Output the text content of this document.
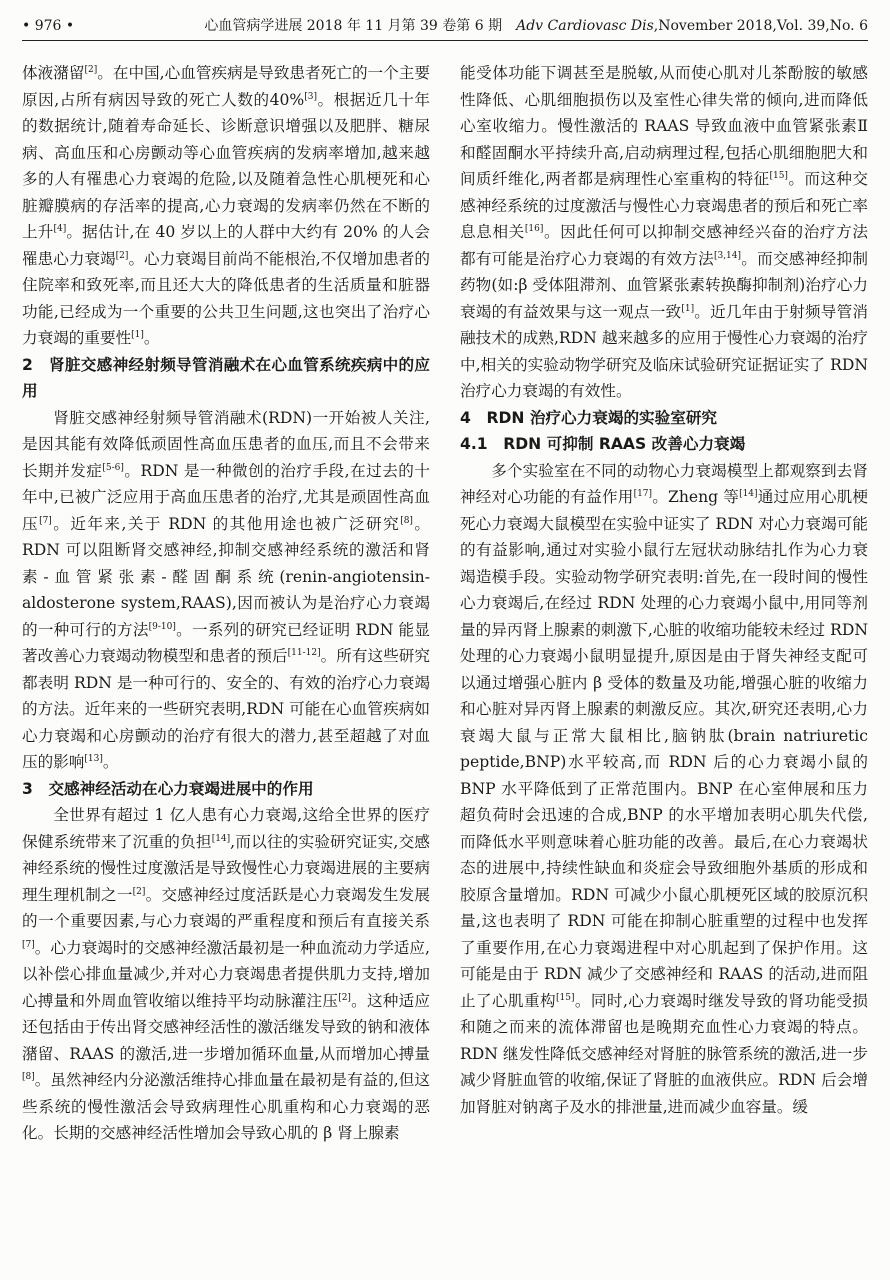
• 976 •	心血管病学进展 2018 年 11 月第 39 卷第 6 期　 Adv Cardiovasc Dis,November 2018,Vol. 39,No. 6

体液潴留[2]。在中国,心血管疾病是导致患者死亡的一个主要原因,占所有病因导致的死亡人数的40%[3]。根据近几十年的数据统计,随着寿命延长、诊断意识增强以及肥胖、糖尿病、高血压和心房颤动等心血管疾病的发病率增加,越来越多的人有罹患心力衰竭的危险,以及随着急性心肌梗死和心脏瓣膜病的存活率的提高,心力衰竭的发病率仍然在不断的上升[4]。据估计,在 40 岁以上的人群中大约有 20% 的人会罹患心力衰竭[2]。心力衰竭目前尚不能根治,不仅增加患者的住院率和致死率,而且还大大的降低患者的生活质量和脏器功能,已经成为一个重要的公共卫生问题,这也突出了治疗心力衰竭的重要性[1]。

2　肾脏交感神经射频导管消融术在心血管系统疾病中的应用

肾脏交感神经射频导管消融术(RDN)一开始被人关注,是因其能有效降低顽固性高血压患者的血压,而且不会带来长期并发症[5-6]。RDN 是一种微创的治疗手段,在过去的十年中,已被广泛应用于高血压患者的治疗,尤其是顽固性高血压[7]。近年来,关于 RDN 的其他用途也被广泛研究[8]。RDN 可以阻断肾交感神经,抑制交感神经系统的激活和肾素-血管紧张素-醛固酮系统(renin-angiotensin-aldosterone system,RAAS),因而被认为是治疗心力衰竭的一种可行的方法[9-10]。一系列的研究已经证明 RDN 能显著改善心力衰竭动物模型和患者的预后[11-12]。所有这些研究都表明 RDN 是一种可行的、安全的、有效的治疗心力衰竭的方法。近年来的一些研究表明,RDN 可能在心血管疾病如心力衰竭和心房颤动的治疗有很大的潜力,甚至超越了对血压的影响[13]。

3　交感神经活动在心力衰竭进展中的作用

全世界有超过 1 亿人患有心力衰竭,这给全世界的医疗保健系统带来了沉重的负担[14],而以往的实验研究证实,交感神经系统的慢性过度激活是导致慢性心力衰竭进展的主要病理生理机制之一[2]。交感神经过度活跃是心力衰竭发生发展的一个重要因素,与心力衰竭的严重程度和预后有直接关系[7]。心力衰竭时的交感神经激活最初是一种血流动力学适应,以补偿心排血量减少,并对心力衰竭患者提供肌力支持,增加心搏量和外周血管收缩以维持平均动脉灌注压[2]。这种适应还包括由于传出肾交感神经活性的激活继发导致的钠和液体潴留、RAAS 的激活,进一步增加循环血量,从而增加心搏量[8]。虽然神经内分泌激活维持心排血量在最初是有益的,但这些系统的慢性激活会导致病理性心肌重构和心力衰竭的恶化。长期的交感神经活性增加会导致心肌的 β 肾上腺素

能受体功能下调甚至是脱敏,从而使心肌对儿茶酚胺的敏感性降低、心肌细胞损伤以及室性心律失常的倾向,进而降低心室收缩力。慢性激活的 RAAS 导致血液中血管紧张素Ⅱ和醛固酮水平持续升高,启动病理过程,包括心肌细胞肥大和间质纤维化,两者都是病理性心室重构的特征[15]。而这种交感神经系统的过度激活与慢性心力衰竭患者的预后和死亡率息息相关[16]。因此任何可以抑制交感神经兴奋的治疗方法都有可能是治疗心力衰竭的有效方法[3,14]。而交感神经抑制药物(如:β 受体阻滞剂、血管紧张素转换酶抑制剂)治疗心力衰竭的有益效果与这一观点一致[1]。近几年由于射频导管消融技术的成熟,RDN 越来越多的应用于慢性心力衰竭的治疗中,相关的实验动物学研究及临床试验研究证据证实了 RDN 治疗心力衰竭的有效性。

4　RDN 治疗心力衰竭的实验室研究
4.1　RDN 可抑制 RAAS 改善心力衰竭

多个实验室在不同的动物心力衰竭模型上都观察到去肾神经对心功能的有益作用[17]。Zheng 等[14]通过应用心肌梗死心力衰竭大鼠模型在实验中证实了 RDN 对心力衰竭可能的有益影响,通过对实验小鼠行左冠状动脉结扎作为心力衰竭造模手段。实验动物学研究表明:首先,在一段时间的慢性心力衰竭后,在经过 RDN 处理的心力衰竭小鼠中,用同等剂量的异丙肾上腺素的刺激下,心脏的收缩功能较未经过 RDN 处理的心力衰竭小鼠明显提升,原因是由于肾失神经支配可以通过增强心脏内 β 受体的数量及功能,增强心脏的收缩力和心脏对异丙肾上腺素的刺激反应。其次,研究还表明,心力衰竭大鼠与正常大鼠相比,脑钠肽(brain natriuretic peptide,BNP)水平较高,而 RDN 后的心力衰竭小鼠的 BNP 水平降低到了正常范围内。BNP 在心室伸展和压力超负荷时会迅速的合成,BNP 的水平增加表明心肌失代偿,而降低水平则意味着心脏功能的改善。最后,在心力衰竭状态的进展中,持续性缺血和炎症会导致细胞外基质的形成和胶原含量增加。RDN 可减少小鼠心肌梗死区域的胶原沉积量,这也表明了 RDN 可能在抑制心脏重塑的过程中也发挥了重要作用,在心力衰竭进程中对心肌起到了保护作用。这可能是由于 RDN 减少了交感神经和 RAAS 的活动,进而阻止了心肌重构[15]。同时,心力衰竭时继发导致的肾功能受损和随之而来的流体滞留也是晚期充血性心力衰竭的特点。RDN 继发性降低交感神经对肾脏的脉管系统的激活,进一步减少肾脏血管的收缩,保证了肾脏的血液供应。RDN 后会增加肾脏对钠离子及水的排泄量,进而减少血容量。缓
